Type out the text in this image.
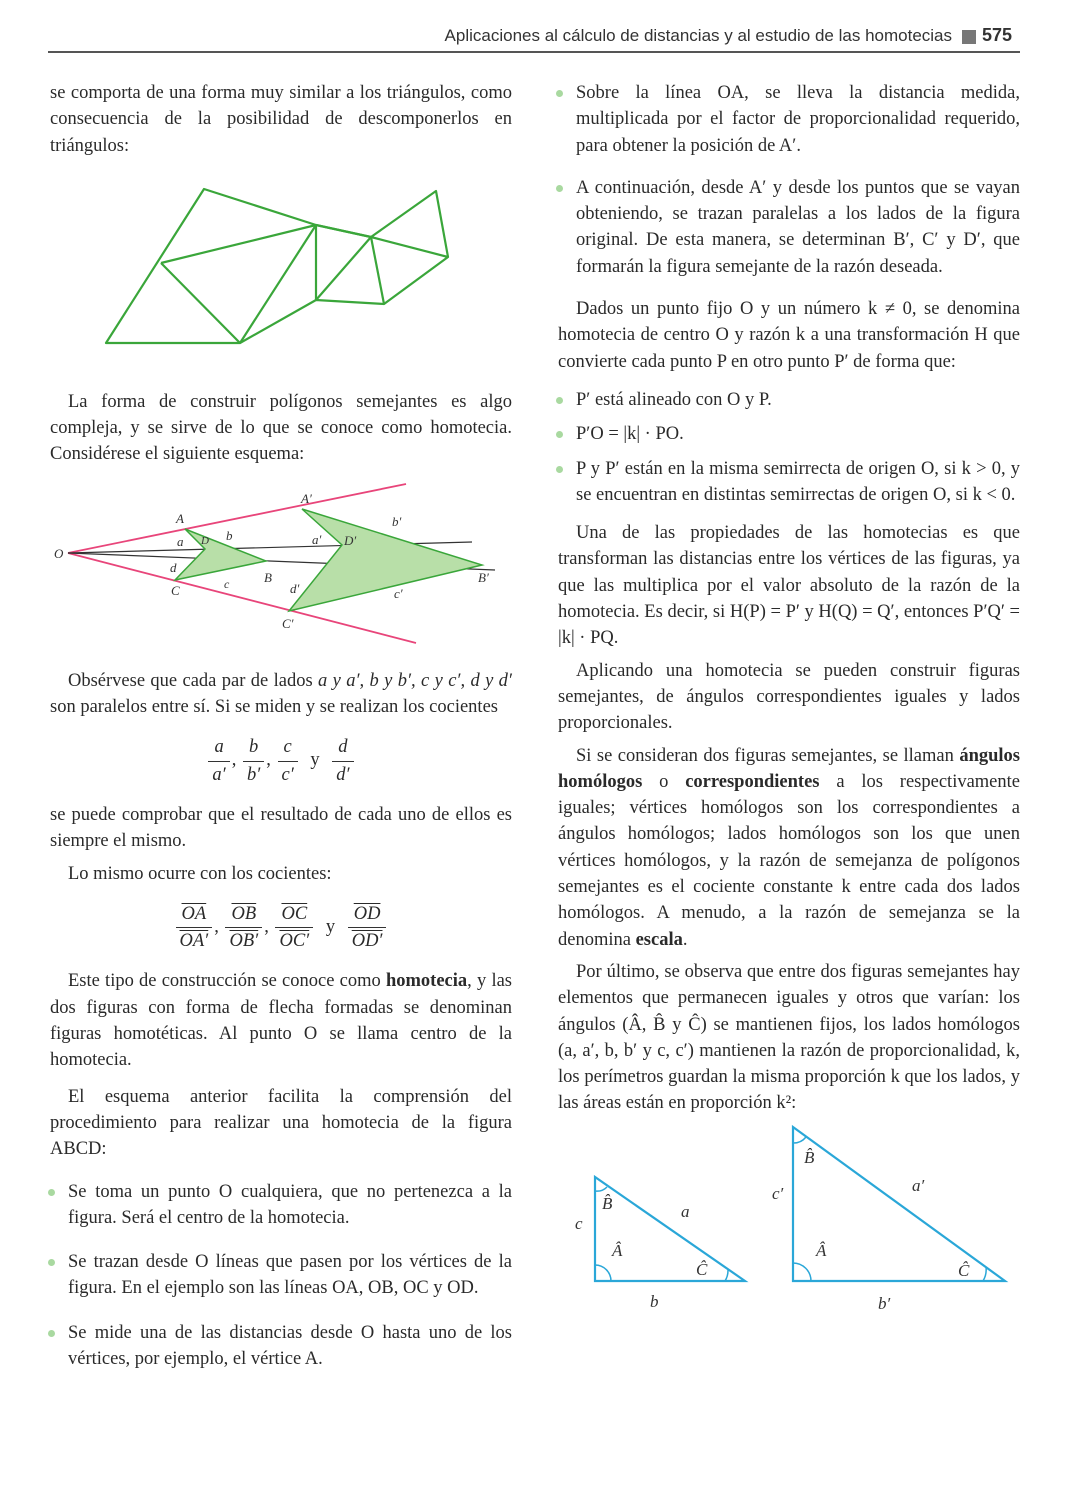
Aplicaciones al cálculo de distancias y al estudio de las homotecias 575

se comporta de una forma muy similar a los triángulos, como consecuencia de la posibilidad de descomponerlos en triángulos:

La forma de construir polígonos semejantes es algo compleja, y se sirve de lo que se conoce como homotecia. Considérese el siguiente esquema:

O
A
a D b
B
d
c
C
A′
b′
a′ D′
B′
d′	c′
C′

Obsérvese que cada par de lados a y a′, b y b′, c y c′, d y d′ son paralelos entre sí. Si se miden y se realizan los cocientes

$\frac{a}{a'}$ , $\frac{b}{b'}$ , $\frac{c}{c'}$ y $\frac{d}{d'}$

se puede comprobar que el resultado de cada uno de ellos es siempre el mismo.

Lo mismo ocurre con los cocientes:

$\frac{\overline{OA}}{OA'}$ , $\frac{\overline{OB}}{OB'}$ , $\frac{\overline{OC}}{OC'}$ y $\frac{\overline{OD}}{OD'}$

Este tipo de construcción se conoce como homotecia, y las dos figuras con forma de flecha formadas se denominan figuras homotéticas. Al punto O se llama centro de la homotecia.

El esquema anterior facilita la comprensión del procedimiento para realizar una homotecia de la figura ABCD:

Se toma un punto O cualquiera, que no pertenezca a la figura. Será el centro de la homotecia.
Se trazan desde O líneas que pasen por los vértices de la figura. En el ejemplo son las líneas OA, OB, OC y OD.
Se mide una de las distancias desde O hasta uno de los vértices, por ejemplo, el vértice A.
Sobre la línea OA, se lleva la distancia medida, multiplicada por el factor de proporcionalidad requerido, para obtener la posición de A′.
A continuación, desde A′ y desde los puntos que se vayan obteniendo, se trazan paralelas a los lados de la figura original. De esta manera, se determinan B′, C′ y D′, que formarán la figura semejante de la razón deseada.

Dados un punto fijo O y un número k ≠ 0, se denomina homotecia de centro O y razón k a una transformación H que convierte cada punto P en otro punto P′ de forma que:

P′ está alineado con O y P.
P′O = |k| · PO.
P y P′ están en la misma semirrecta de origen O, si k > 0, y se encuentran en distintas semirrectas de origen O, si k < 0.

Una de las propiedades de las homotecias es que transforman las distancias entre los vértices de las figuras, ya que las multiplica por el valor absoluto de la razón de la homotecia. Es decir, si H(P) = P′ y H(Q) = Q′, entonces P′Q′ = |k| · PQ.

Aplicando una homotecia se pueden construir figuras semejantes, de ángulos correspondientes iguales y lados proporcionales.

Si se consideran dos figuras semejantes, se llaman ángulos homólogos o correspondientes a los respectivamente iguales; vértices homólogos son los correspondientes a ángulos homólogos; lados homólogos son los que unen vértices homólogos, y la razón de semejanza de polígonos semejantes es el cociente constante k entre cada dos lados homólogos. A menudo, a la razón de semejanza se la denomina escala.

Por último, se observa que entre dos figuras semejantes hay elementos que permanecen iguales y otros que varían: los ángulos (Â, B̂ y Ĉ) se mantienen fijos, los lados homólogos (a, a′, b, b′ y c, c′) mantienen la razón de proporcionalidad, k, los perímetros guardan la misma proporción k que los lados, y las áreas están en proporción k²:

B̂
Â
Ĉ
c
a
b
B̂
Â
Ĉ
c′	a′
b′
